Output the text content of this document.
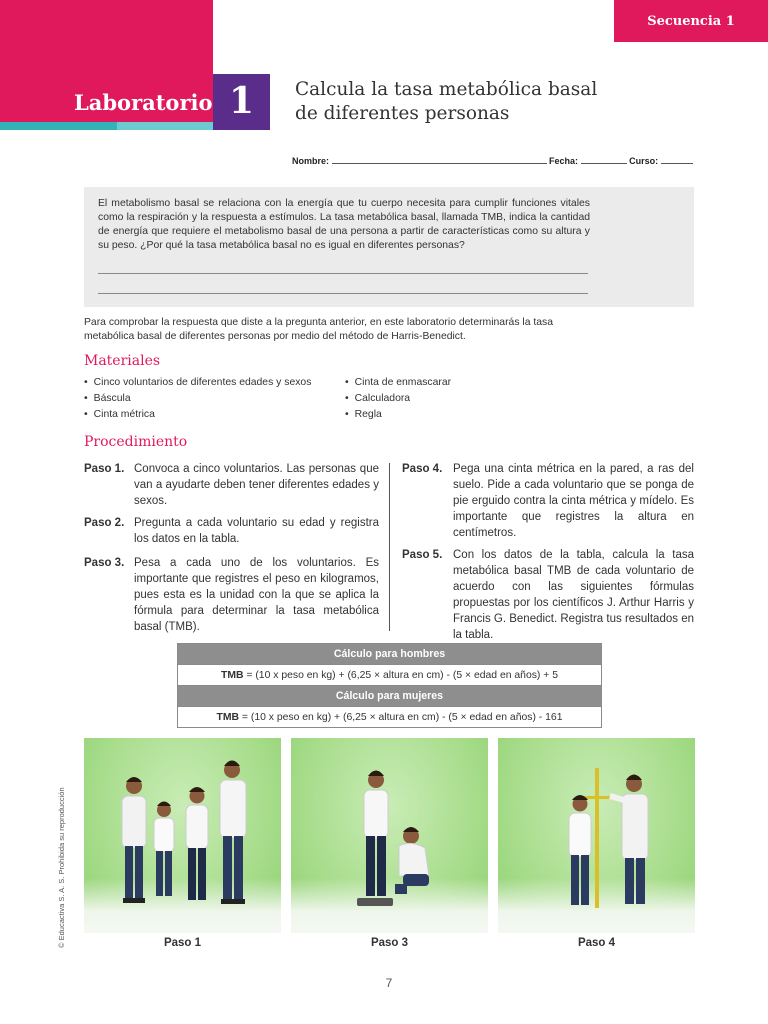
Laboratorio 1	Calcula la tasa metabólica basal
de diferentes personas
Secuencia 1
Nombre:	Fecha:	Curso:
El metabolismo basal se relaciona con la energía que tu cuerpo necesita para cumplir funciones vitales como la respiración y la respuesta a estímulos. La tasa metabólica basal, llamada TMB, indica la cantidad de energía que requiere el metabolismo basal de una persona a partir de características como su altura y su peso. ¿Por qué la tasa metabólica basal no es igual en diferentes personas?
Para comprobar la respuesta que diste a la pregunta anterior, en este laboratorio determinarás la tasa metabólica basal de diferentes personas por medio del método de Harris-Benedict.
Materiales
• Cinco voluntarios de diferentes edades y sexos
• Báscula
• Cinta métrica
• Cinta de enmascarar
• Calculadora
• Regla
Procedimiento
Paso 1. Convoca a cinco voluntarios. Las personas que van a ayudarte deben tener diferentes edades y sexos.
Paso 2. Pregunta a cada voluntario su edad y registra los datos en la tabla.
Paso 3. Pesa a cada uno de los voluntarios. Es importante que registres el peso en kilogramos, pues esta es la unidad con la que se aplica la fórmula para determinar la tasa metabólica basal (TMB).
Paso 4. Pega una cinta métrica en la pared, a ras del suelo. Pide a cada voluntario que se ponga de pie erguido contra la cinta métrica y mídelo. Es importante que registres la altura en centímetros.
Paso 5. Con los datos de la tabla, calcula la tasa metabólica basal TMB de cada voluntario de acuerdo con las siguientes fórmulas propuestas por los científicos J. Arthur Harris y Francis G. Benedict. Registra tus resultados en la tabla.
Cálculo para hombres
TMB = (10 x peso en kg) + (6,25 × altura en cm) - (5 × edad en años) + 5
Cálculo para mujeres
TMB = (10 x peso en kg) + (6,25 × altura en cm) - (5 × edad en años) - 161
Paso 1	Paso 3	Paso 4
© Educactiva S. A. S. Prohibida su reproducción
7
